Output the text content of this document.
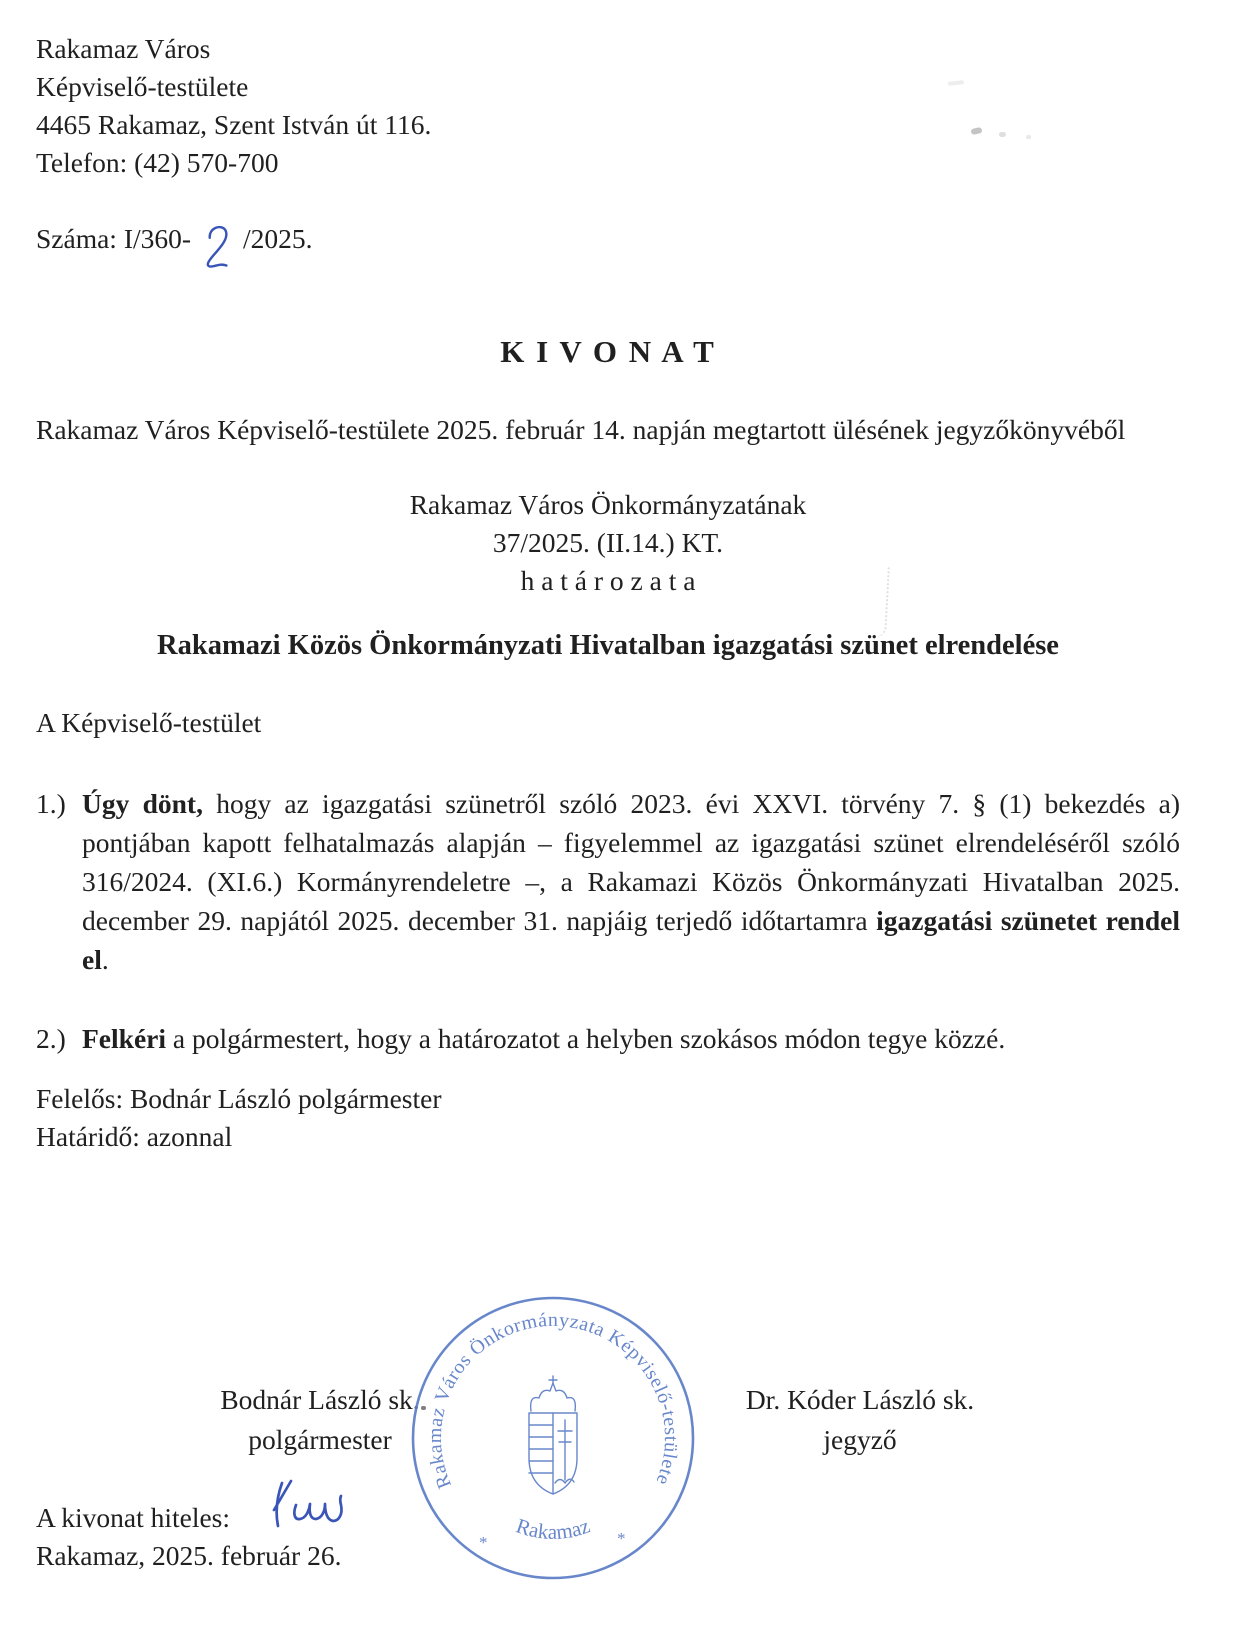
Rakamaz Város
Képviselő-testülete
4465 Rakamaz, Szent István út 116.
Telefon: (42) 570-700
Száma: I/360- /2025.
K I V O N A T
Rakamaz Város Képviselő-testülete 2025. február 14. napján megtartott ülésének jegyzőkönyvéből
Rakamaz Város Önkormányzatának
37/2025. (II.14.) KT.
h a t á r o z a t a
Rakamazi Közös Önkormányzati Hivatalban igazgatási szünet elrendelése
A Képviselő-testület
1.) Úgy dönt, hogy az igazgatási szünetről szóló 2023. évi XXVI. törvény 7. § (1) bekezdés a) pontjában kapott felhatalmazás alapján – figyelemmel az igazgatási szünet elrendeléséről szóló 316/2024. (XI.6.) Kormányrendeletre –, a Rakamazi Közös Önkormányzati Hivatalban 2025. december 29. napjától 2025. december 31. napjáig terjedő időtartamra igazgatási szünetet rendel el.
2.) Felkéri a polgármestert, hogy a határozatot a helyben szokásos módon tegye közzé.
Felelős: Bodnár László polgármester
Határidő: azonnal
Bodnár László sk.
polgármester
Dr. Kóder László sk.
jegyző
Rakamaz Város Önkormányzata Képviselő-testülete
Rakamaz
*	*
A kivonat hiteles:
Rakamaz, 2025. február 26.
